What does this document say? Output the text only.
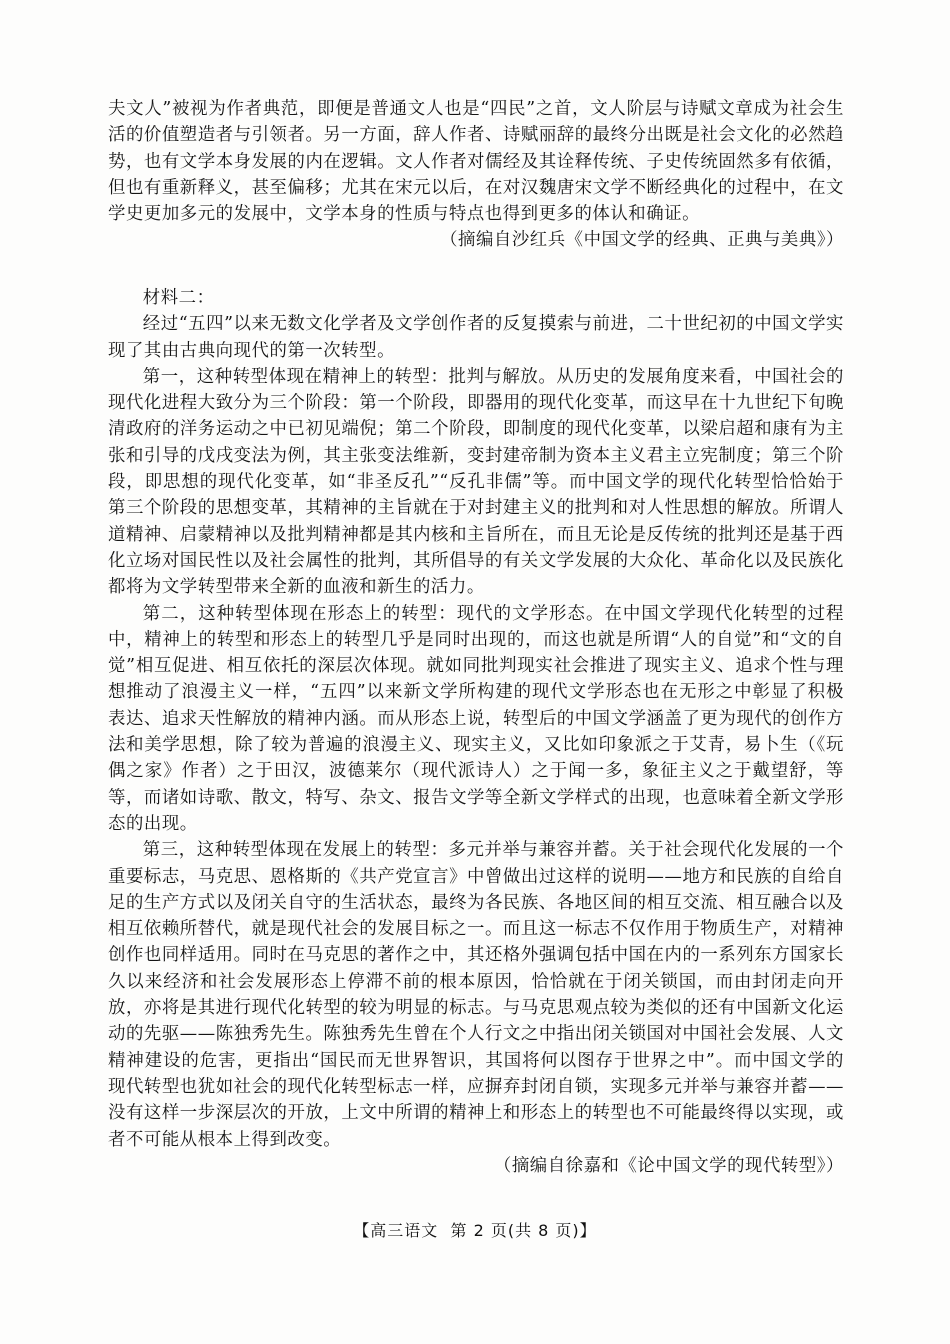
夫文人”被视为作者典范，即便是普通文人也是“四民”之首，文人阶层与诗赋文章成为社会生活的价值塑造者与引领者。另一方面，辞人作者、诗赋丽辞的最终分出既是社会文化的必然趋势，也有文学本身发展的内在逻辑。文人作者对儒经及其诠释传统、子史传统固然多有依循，但也有重新释义，甚至偏移；尤其在宋元以后，在对汉魏唐宋文学不断经典化的过程中，在文学史更加多元的发展中，文学本身的性质与特点也得到更多的体认和确证。

（摘编自沙红兵《中国文学的经典、正典与美典》）

材料二：

经过“五四”以来无数文化学者及文学创作者的反复摸索与前进，二十世纪初的中国文学实现了其由古典向现代的第一次转型。

第一，这种转型体现在精神上的转型：批判与解放。从历史的发展角度来看，中国社会的现代化进程大致分为三个阶段：第一个阶段，即器用的现代化变革，而这早在十九世纪下旬晚清政府的洋务运动之中已初见端倪；第二个阶段，即制度的现代化变革，以梁启超和康有为主张和引导的戊戌变法为例，其主张变法维新，变封建帝制为资本主义君主立宪制度；第三个阶段，即思想的现代化变革，如“非圣反孔”“反孔非儒”等。而中国文学的现代化转型恰恰始于第三个阶段的思想变革，其精神的主旨就在于对封建主义的批判和对人性思想的解放。所谓人道精神、启蒙精神以及批判精神都是其内核和主旨所在，而且无论是反传统的批判还是基于西化立场对国民性以及社会属性的批判，其所倡导的有关文学发展的大众化、革命化以及民族化都将为文学转型带来全新的血液和新生的活力。

第二，这种转型体现在形态上的转型：现代的文学形态。在中国文学现代化转型的过程中，精神上的转型和形态上的转型几乎是同时出现的，而这也就是所谓“人的自觉”和“文的自觉”相互促进、相互依托的深层次体现。就如同批判现实社会推进了现实主义、追求个性与理想推动了浪漫主义一样，“五四”以来新文学所构建的现代文学形态也在无形之中彰显了积极表达、追求天性解放的精神内涵。而从形态上说，转型后的中国文学涵盖了更为现代的创作方法和美学思想，除了较为普遍的浪漫主义、现实主义，又比如印象派之于艾青，易卜生（《玩偶之家》作者）之于田汉，波德莱尔（现代派诗人）之于闻一多，象征主义之于戴望舒，等等，而诸如诗歌、散文，特写、杂文、报告文学等全新文学样式的出现，也意味着全新文学形态的出现。

第三，这种转型体现在发展上的转型：多元并举与兼容并蓄。关于社会现代化发展的一个重要标志，马克思、恩格斯的《共产党宣言》中曾做出过这样的说明——地方和民族的自给自足的生产方式以及闭关自守的生活状态，最终为各民族、各地区间的相互交流、相互融合以及相互依赖所替代，就是现代社会的发展目标之一。而且这一标志不仅作用于物质生产，对精神创作也同样适用。同时在马克思的著作之中，其还格外强调包括中国在内的一系列东方国家长久以来经济和社会发展形态上停滞不前的根本原因，恰恰就在于闭关锁国，而由封闭走向开放，亦将是其进行现代化转型的较为明显的标志。与马克思观点较为类似的还有中国新文化运动的先驱——陈独秀先生。陈独秀先生曾在个人行文之中指出闭关锁国对中国社会发展、人文精神建设的危害，更指出“国民而无世界智识，其国将何以图存于世界之中”。而中国文学的现代转型也犹如社会的现代化转型标志一样，应摒弃封闭自锁，实现多元并举与兼容并蓄——没有这样一步深层次的开放，上文中所谓的精神上和形态上的转型也不可能最终得以实现，或者不可能从根本上得到改变。

（摘编自徐嘉和《论中国文学的现代转型》）

【高三语文 第 2 页(共 8 页)】
